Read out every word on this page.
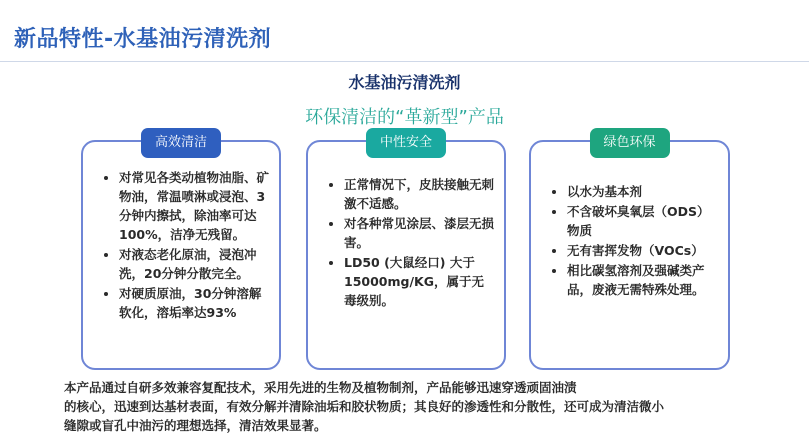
新品特性-水基油污清洗剂
水基油污清洗剂
环保清洁的“革新型”产品
高效清洁
• 对常见各类动植物油脂、矿物油，常温喷淋或浸泡、3分钟内擦拭，除油率可达100%，洁净无残留。
• 对液态老化原油，浸泡冲洗，20分钟分散完全。
• 对硬质原油，30分钟溶解软化，溶垢率达93%
中性安全
• 正常情况下，皮肤接触无刺激不适感。
• 对各种常见涂层、漆层无损害。
• LD50 (大鼠经口) 大于15000mg/KG，属于无毒级别。
绿色环保
• 以水为基本剂
• 不含破坏臭氧层（ODS）物质
• 无有害挥发物（VOCs）
• 相比碳氢溶剂及强碱类产品，废液无需特殊处理。
本产品通过自研多效兼容复配技术，采用先进的生物及植物制剂，产品能够迅速穿透顽固油渍
的核心，迅速到达基材表面，有效分解并清除油垢和胶状物质；其良好的渗透性和分散性，还可成为清洁微小
缝隙或盲孔中油污的理想选择，清洁效果显著。
